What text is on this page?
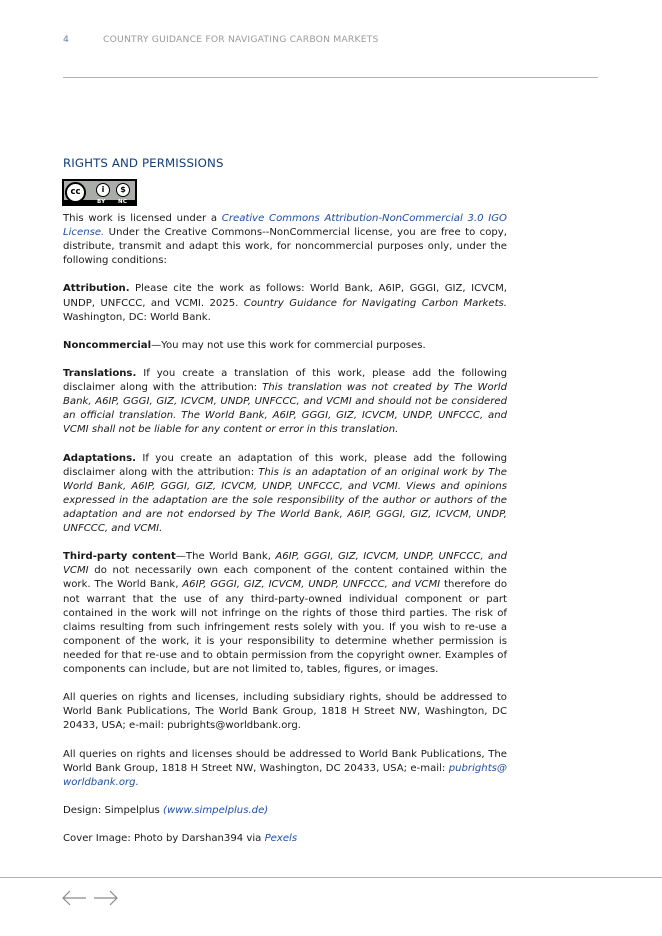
4	COUNTRY GUIDANCE FOR NAVIGATING CARBON MARKETS
RIGHTS AND PERMISSIONS
cc	i	$
BY NC

This work is licensed under a Creative Commons Attribution-NonCommercial 3.0 IGO License. Under the Creative Commons--NonCommercial license, you are free to copy, distribute, transmit and adapt this work, for noncommercial purposes only, under the following conditions:

Attribution. Please cite the work as follows: World Bank, A6IP, GGGI, GIZ, ICVCM, UNDP, UNFCCC, and VCMI. 2025. Country Guidance for Navigating Carbon Markets. Washington, DC: World Bank.

Noncommercial—You may not use this work for commercial purposes.

Translations. If you create a translation of this work, please add the following disclaimer along with the attribution: This translation was not created by The World Bank, A6IP, GGGI, GIZ, ICVCM, UNDP, UNFCCC, and VCMI and should not be considered an official translation. The World Bank, A6IP, GGGI, GIZ, ICVCM, UNDP, UNFCCC, and VCMI shall not be liable for any content or error in this translation.

Adaptations. If you create an adaptation of this work, please add the following disclaimer along with the attribution: This is an adaptation of an original work by The World Bank, A6IP, GGGI, GIZ, ICVCM, UNDP, UNFCCC, and VCMI. Views and opinions expressed in the adaptation are the sole responsibility of the author or authors of the adaptation and are not endorsed by The World Bank, A6IP, GGGI, GIZ, ICVCM, UNDP, UNFCCC, and VCMI.

Third-party content—The World Bank, A6IP, GGGI, GIZ, ICVCM, UNDP, UNFCCC, and VCMI do not necessarily own each component of the content contained within the work. The World Bank, A6IP, GGGI, GIZ, ICVCM, UNDP, UNFCCC, and VCMI therefore do not warrant that the use of any third-party-owned individual component or part contained in the work will not infringe on the rights of those third parties. The risk of claims resulting from such infringement rests solely with you. If you wish to re-use a component of the work, it is your responsibility to determine whether permission is needed for that re-use and to obtain permission from the copyright owner. Examples of components can include, but are not limited to, tables, figures, or images.

All queries on rights and licenses, including subsidiary rights, should be addressed to World Bank Publications, The World Bank Group, 1818 H Street NW, Washington, DC 20433, USA; e-mail: pubrights@worldbank.org.

All queries on rights and licenses should be addressed to World Bank Publications, The World Bank Group, 1818 H Street NW, Washington, DC 20433, USA; e-mail: pubrights@ worldbank.org.

Design: Simpelplus (www.simpelplus.de)

Cover Image: Photo by Darshan394 via Pexels
